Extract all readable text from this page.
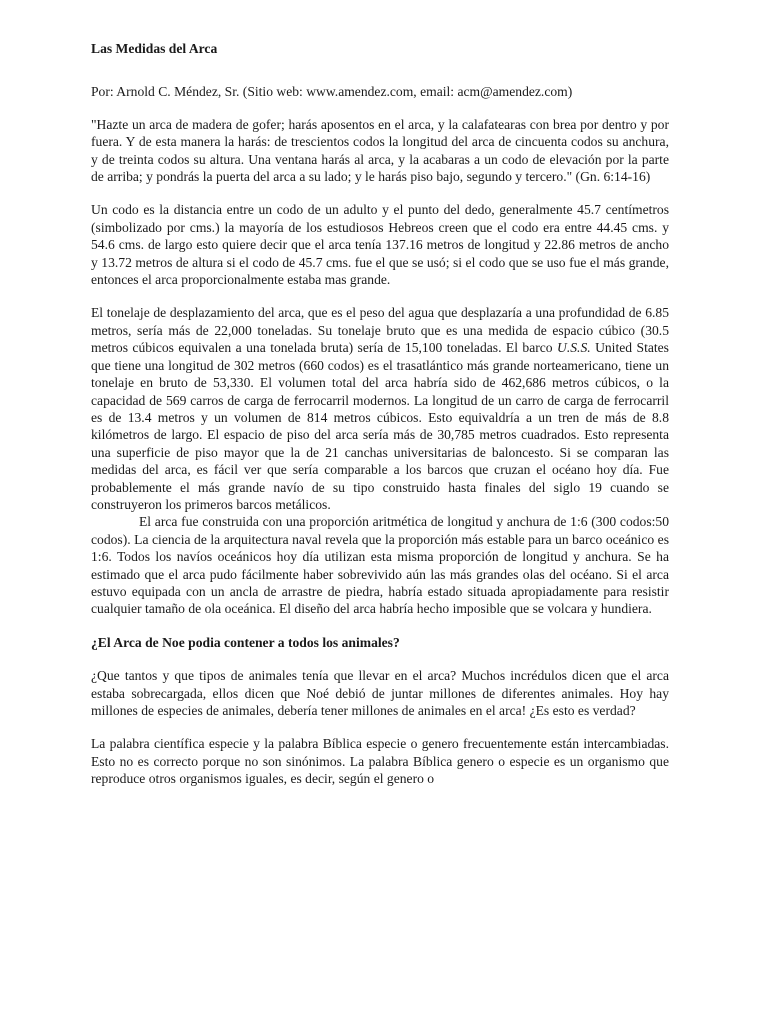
Las Medidas del Arca

Por: Arnold C. Méndez, Sr. (Sitio web: www.amendez.com, email: acm@amendez.com)

"Hazte un arca de madera de gofer; harás aposentos en el arca, y la calafatearas con brea por dentro y por fuera. Y de esta manera la harás: de trescientos codos la longitud del arca de cincuenta codos su anchura, y de treinta codos su altura. Una ventana harás al arca, y la acabaras a un codo de elevación por la parte de arriba; y pondrás la puerta del arca a su lado; y le harás piso bajo, segundo y tercero." (Gn. 6:14-16)

Un codo es la distancia entre un codo de un adulto y el punto del dedo, generalmente 45.7 centímetros (simbolizado por cms.) la mayoría de los estudiosos Hebreos creen que el codo era entre 44.45 cms. y 54.6 cms. de largo esto quiere decir que el arca tenía 137.16 metros de longitud y 22.86 metros de ancho y 13.72 metros de altura si el codo de 45.7 cms. fue el que se usó; si el codo que se uso fue el más grande, entonces el arca proporcionalmente estaba mas grande.

El tonelaje de desplazamiento del arca, que es el peso del agua que desplazaría a una profundidad de 6.85 metros, sería más de 22,000 toneladas. Su tonelaje bruto que es una medida de espacio cúbico (30.5 metros cúbicos equivalen a una tonelada bruta) sería de 15,100 toneladas. El barco U.S.S. United States que tiene una longitud de 302 metros (660 codos) es el trasatlántico más grande norteamericano, tiene un tonelaje en bruto de 53,330. El volumen total del arca habría sido de 462,686 metros cúbicos, o la capacidad de 569 carros de carga de ferrocarril modernos. La longitud de un carro de carga de ferrocarril es de 13.4 metros y un volumen de 814 metros cúbicos. Esto equivaldría a un tren de más de 8.8 kilómetros de largo. El espacio de piso del arca sería más de 30,785 metros cuadrados. Esto representa una superficie de piso mayor que la de 21 canchas universitarias de baloncesto. Si se comparan las medidas del arca, es fácil ver que sería comparable a los barcos que cruzan el océano hoy día. Fue probablemente el más grande navío de su tipo construido hasta finales del siglo 19 cuando se construyeron los primeros barcos metálicos.

El arca fue construida con una proporción aritmética de longitud y anchura de 1:6 (300 codos:50 codos). La ciencia de la arquitectura naval revela que la proporción más estable para un barco oceánico es 1:6. Todos los navíos oceánicos hoy día utilizan esta misma proporción de longitud y anchura. Se ha estimado que el arca pudo fácilmente haber sobrevivido aún las más grandes olas del océano. Si el arca estuvo equipada con un ancla de arrastre de piedra, habría estado situada apropiadamente para resistir cualquier tamaño de ola oceánica. El diseño del arca habría hecho imposible que se volcara y hundiera.

¿El Arca de Noe podia contener a todos los animales?

¿Que tantos y que tipos de animales tenía que llevar en el arca? Muchos incrédulos dicen que el arca estaba sobrecargada, ellos dicen que Noé debió de juntar millones de diferentes animales. Hoy hay millones de especies de animales, debería tener millones de animales en el arca! ¿Es esto es verdad?

La palabra científica especie y la palabra Bíblica especie o genero frecuentemente están intercambiadas. Esto no es correcto porque no son sinónimos. La palabra Bíblica genero o especie es un organismo que reproduce otros organismos iguales, es decir, según el genero o
